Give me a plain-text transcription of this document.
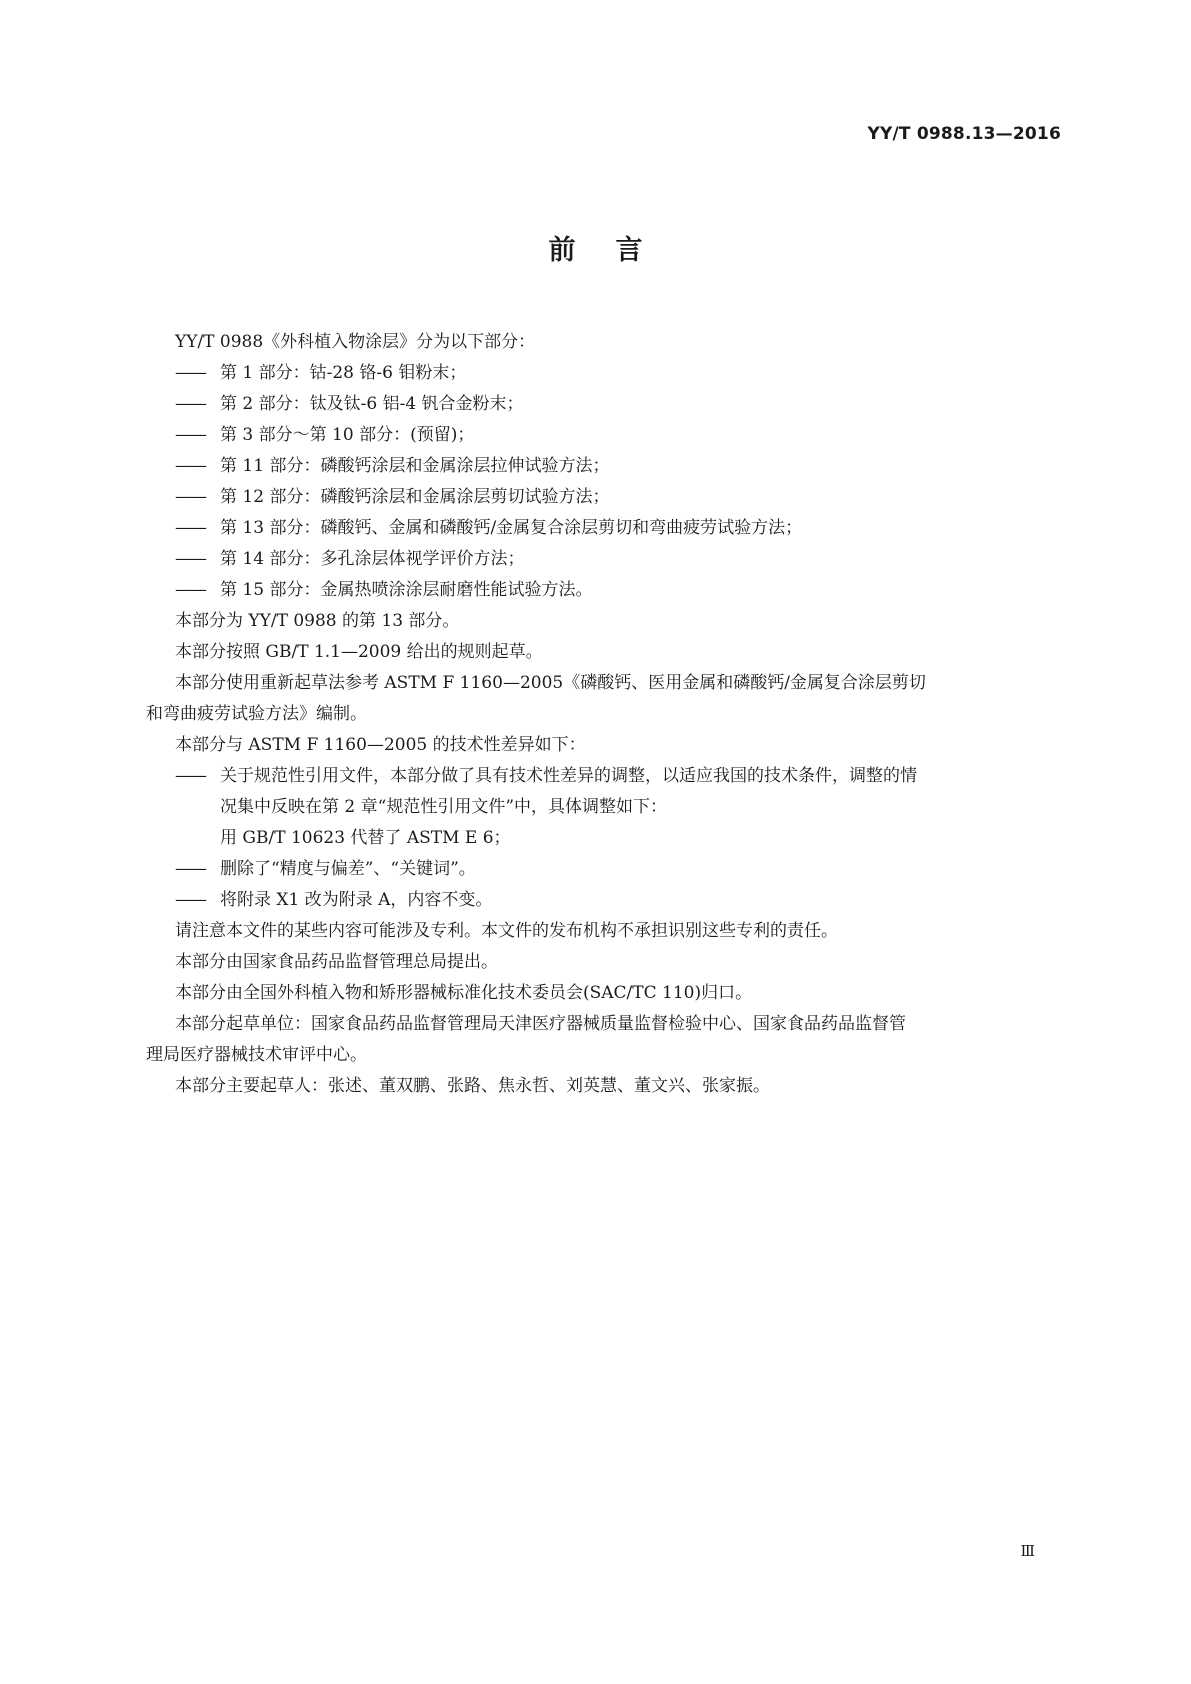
YY/T 0988.13—2016
前言

YY/T 0988《外科植入物涂层》分为以下部分：

—— 第 1 部分：钴-28 铬-6 钼粉末；
—— 第 2 部分：钛及钛-6 铝-4 钒合金粉末；
—— 第 3 部分～第 10 部分：(预留)；
—— 第 11 部分：磷酸钙涂层和金属涂层拉伸试验方法；
—— 第 12 部分：磷酸钙涂层和金属涂层剪切试验方法；
—— 第 13 部分：磷酸钙、金属和磷酸钙/金属复合涂层剪切和弯曲疲劳试验方法；
—— 第 14 部分：多孔涂层体视学评价方法；
—— 第 15 部分：金属热喷涂涂层耐磨性能试验方法。

本部分为 YY/T 0988 的第 13 部分。

本部分按照 GB/T 1.1—2009 给出的规则起草。

本部分使用重新起草法参考 ASTM F 1160—2005《磷酸钙、医用金属和磷酸钙/金属复合涂层剪切

和弯曲疲劳试验方法》编制。

本部分与 ASTM F 1160—2005 的技术性差异如下：

—— 关于规范性引用文件，本部分做了具有技术性差异的调整，以适应我国的技术条件，调整的情
况集中反映在第 2 章“规范性引用文件”中，具体调整如下：
用 GB/T 10623 代替了 ASTM E 6；
—— 删除了“精度与偏差”、“关键词”。
—— 将附录 X1 改为附录 A，内容不变。

请注意本文件的某些内容可能涉及专利。本文件的发布机构不承担识别这些专利的责任。

本部分由国家食品药品监督管理总局提出。

本部分由全国外科植入物和矫形器械标准化技术委员会(SAC/TC 110)归口。

本部分起草单位：国家食品药品监督管理局天津医疗器械质量监督检验中心、国家食品药品监督管

理局医疗器械技术审评中心。

本部分主要起草人：张述、董双鹏、张路、焦永哲、刘英慧、董文兴、张家振。

Ⅲ
